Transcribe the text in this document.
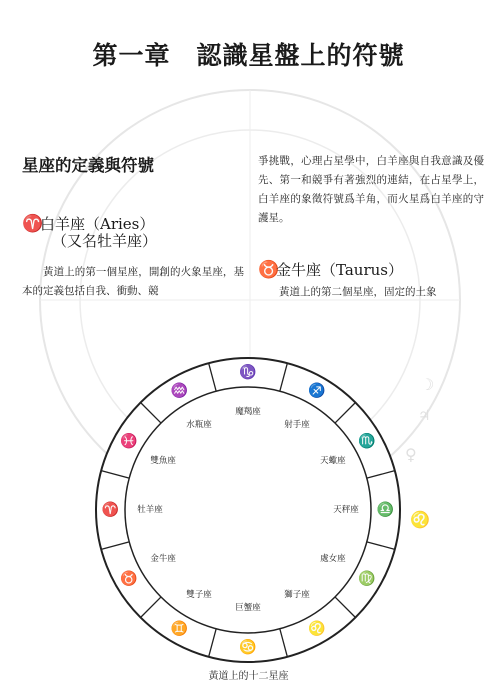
☽
♃
♀
♌
第一章　認識星盤上的符號
星座的定義與符號
♈白羊座（Aries）
（又名牡羊座）

黃道上的第一個星座，開創的火象星座，基本的定義包括自我、衝動、競

爭挑戰，心理占星學中，白羊座與自我意識及優先、第一和競爭有著強烈的連結，在占星學上，白羊座的象徵符號爲羊角，而火星爲白羊座的守護星。

♉金牛座（Taurus）

黃道上的第二個星座，固定的土象

♑
♐
♏
♎
♍
♌
♋
♊
♉
♈
♓
♒
魔羯座
射手座
天蠍座
天秤座
處女座
獅子座
巨蟹座
雙子座
金牛座
牡羊座
雙魚座
水瓶座
黃道上的十二星座
